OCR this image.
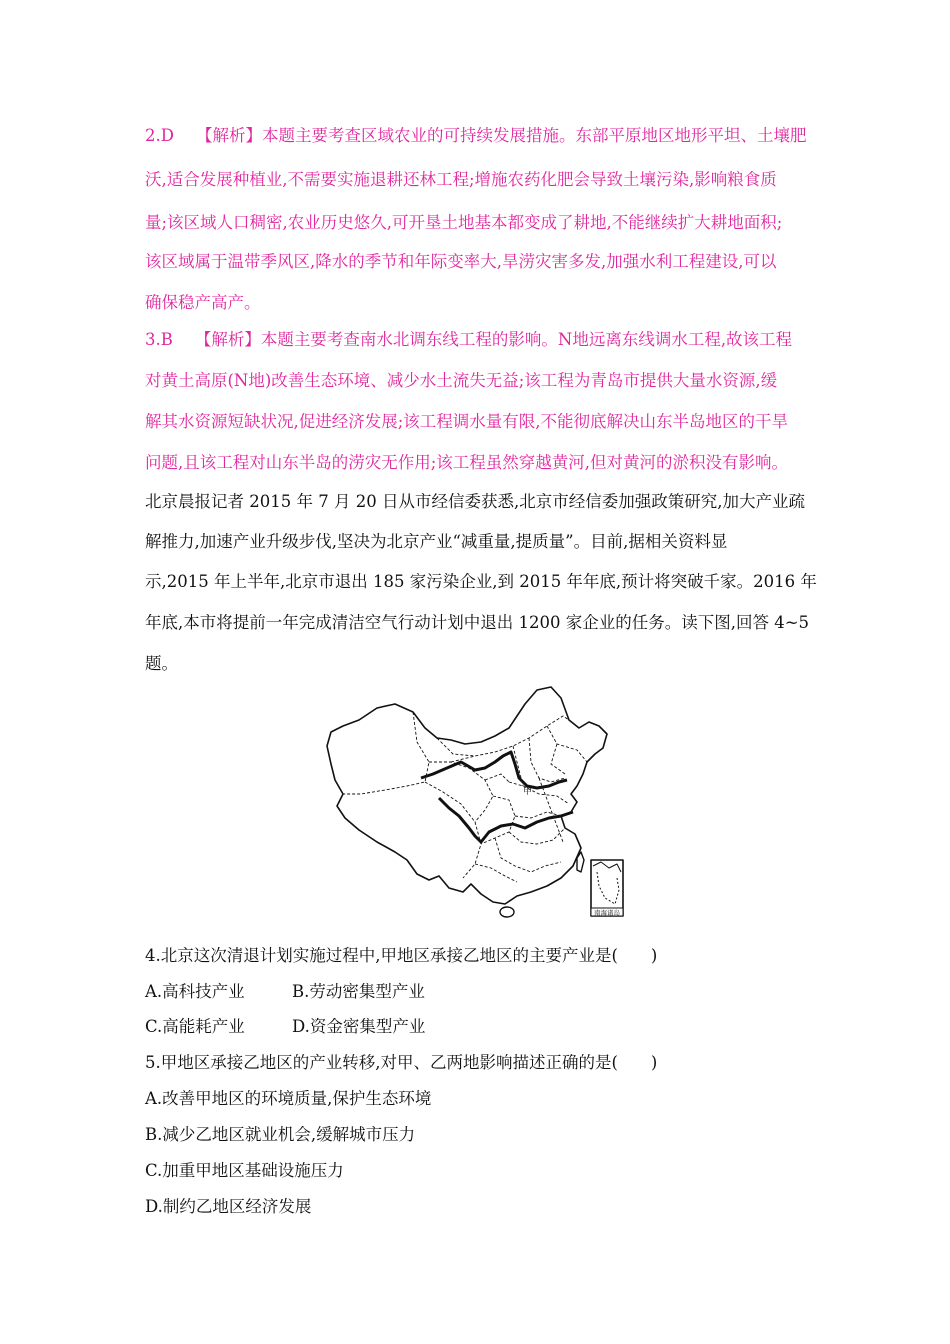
2.D 【解析】本题主要考查区域农业的可持续发展措施。东部平原地区地形平坦、土壤肥
沃,适合发展种植业,不需要实施退耕还林工程;增施农药化肥会导致土壤污染,影响粮食质
量;该区域人口稠密,农业历史悠久,可开垦土地基本都变成了耕地,不能继续扩大耕地面积;
该区域属于温带季风区,降水的季节和年际变率大,旱涝灾害多发,加强水利工程建设,可以
确保稳产高产。
3.B 【解析】本题主要考查南水北调东线工程的影响。N地远离东线调水工程,故该工程
对黄土高原(N地)改善生态环境、减少水土流失无益;该工程为青岛市提供大量水资源,缓
解其水资源短缺状况,促进经济发展;该工程调水量有限,不能彻底解决山东半岛地区的干旱
问题,且该工程对山东半岛的涝灾无作用;该工程虽然穿越黄河,但对黄河的淤积没有影响。
北京晨报记者 2015 年 7 月 20 日从市经信委获悉,北京市经信委加强政策研究,加大产业疏
解推力,加速产业升级步伐,坚决为北京产业“减重量,提质量”。目前,据相关资料显
示,2015 年上半年,北京市退出 185 家污染企业,到 2015 年年底,预计将突破千家。2016 年
年底,本市将提前一年完成清洁空气行动计划中退出 1200 家企业的任务。读下图,回答 4~5
题。
南海诸岛
甲
4.北京这次清退计划实施过程中,甲地区承接乙地区的主要产业是(　　)
A.高科技产业	B.劳动密集型产业
C.高能耗产业	D.资金密集型产业
5.甲地区承接乙地区的产业转移,对甲、乙两地影响描述正确的是(　　)
A.改善甲地区的环境质量,保护生态环境
B.减少乙地区就业机会,缓解城市压力
C.加重甲地区基础设施压力
D.制约乙地区经济发展
